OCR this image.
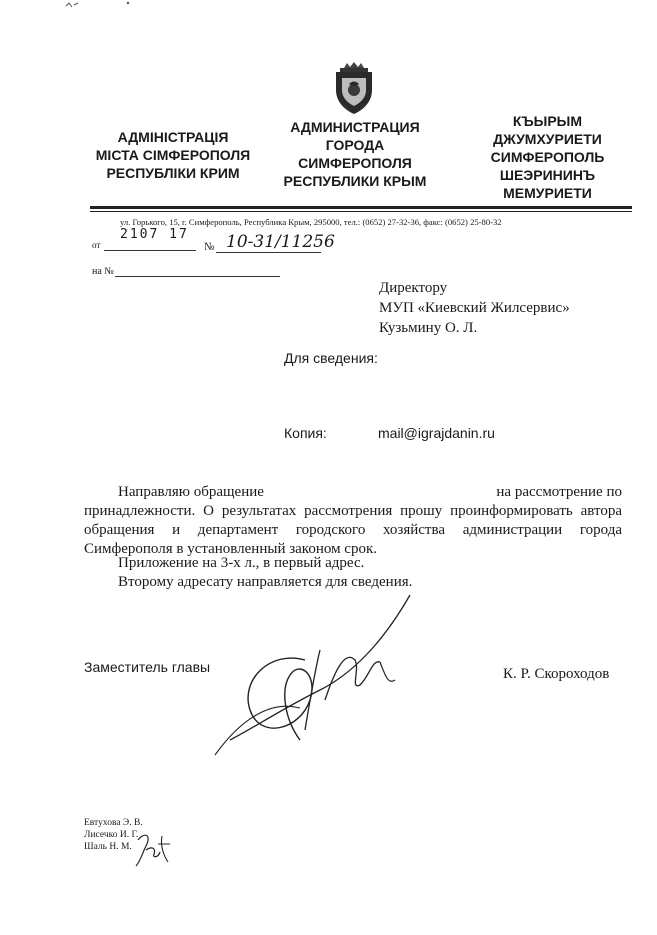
АДМІНІСТРАЦІЯ
МІСТА СІМФЕРОПОЛЯ
РЕСПУБЛІКИ КРИМ
АДМИНИСТРАЦИЯ
ГОРОДА
СИМФЕРОПОЛЯ
РЕСПУБЛИКИ КРЫМ
КЪЫРЫМ
ДЖУМХУРИЕТИ
СИМФЕРОПОЛЬ
ШЕЭРИНИНЪ
МЕМУРИЕТИ
ул. Горького, 15, г. Симферополь, Республика Крым, 295000, тел.: (0652) 27-32-36, факс: (0652) 25-80-32
2107 17
от	№ 10-31/11256
на №
Директору
МУП «Киевский Жилсервис»
Кузьмину О. Л.
Для сведения:
Копия:	mail@igrajdanin.ru
Направляю обращение	на рассмотрение по
принадлежности. О результатах рассмотрения прошу проинформировать автора обращения и департамент городского хозяйства администрации города Симферополя в установленный законом срок.
Приложение на 3-х л., в первый адрес.
Второму адресату направляется для сведения.
Заместитель главы	К. Р. Скороходов
Евтухова Э. В.
Лисечко И. Г.
Шаль Н. М.
